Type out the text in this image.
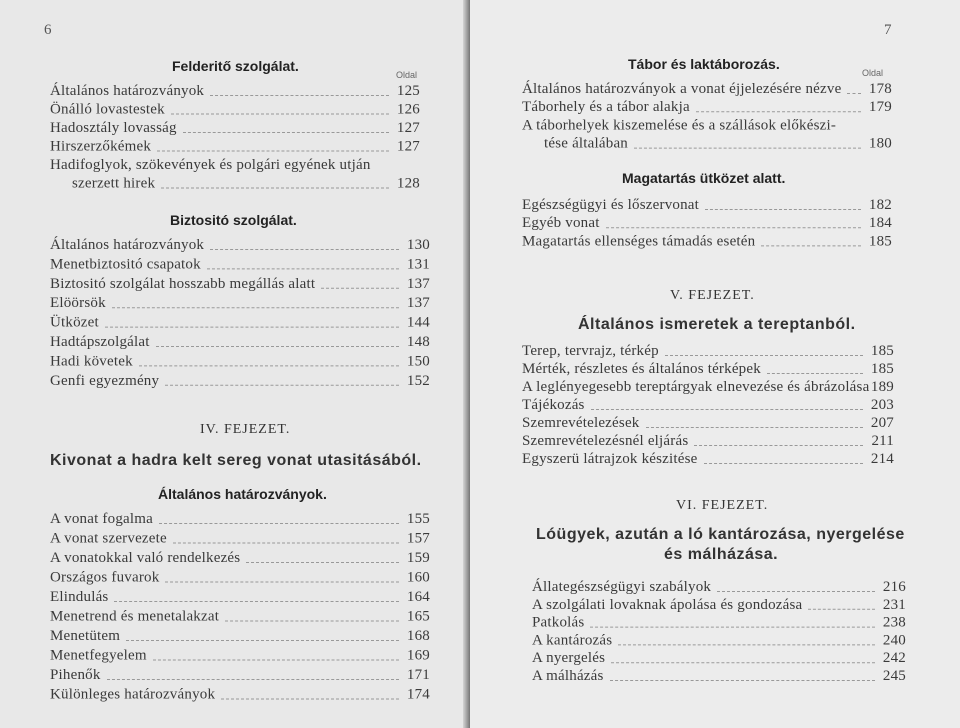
6
Felderitő szolgálat.
Oldal
Általános határozványok	125
Önálló lovastestek	126
Hadosztály lovasság	127
Hirszerzőkémek	127
Hadifoglyok, szökevények és polgári egyének utján
szerzett hirek	128
Biztositó szolgálat.
Általános határozványok	130
Menetbiztositó csapatok	131
Biztositó szolgálat hosszabb megállás alatt	137
Elöörsök	137
Ütközet	144
Hadtápszolgálat	148
Hadi követek	150
Genfi egyezmény	152
IV. FEJEZET.
Kivonat a hadra kelt sereg vonat utasitásából.
Általános határozványok.
A vonat fogalma	155
A vonat szervezete	157
A vonatokkal való rendelkezés	159
Országos fuvarok	160
Elindulás	164
Menetrend és menetalakzat	165
Menetütem	168
Menetfegyelem	169
Pihenők	171
Különleges határozványok	174
7
Tábor és laktáborozás.
Oldal
Általános határozványok a vonat éjjelezésére nézve 178
Táborhely és a tábor alakja	179
A táborhelyek kiszemelése és a szállások előkészi-
tése általában	180
Magatartás ütközet alatt.
Egészségügyi és lőszervonat	182
Egyéb vonat	184
Magatartás ellenséges támadás esetén	185
V. FEJEZET.
Általános ismeretek a tereptanból.
Terep, tervrajz, térkép	185
Mérték, részletes és általános térképek	185
A leglényegesebb tereptárgyak elnevezése és ábrázolása 189
Tájékozás	203
Szemrevételezések	207
Szemrevételezésnél eljárás	211
Egyszerü látrajzok készitése	214
VI. FEJEZET.
Lóügyek, azután a ló kantározása, nyergelése
és málházása.
Állategészségügyi szabályok	216
A szolgálati lovaknak ápolása és gondozása	231
Patkolás	238
A kantározás	240
A nyergelés	242
A málházás	245
